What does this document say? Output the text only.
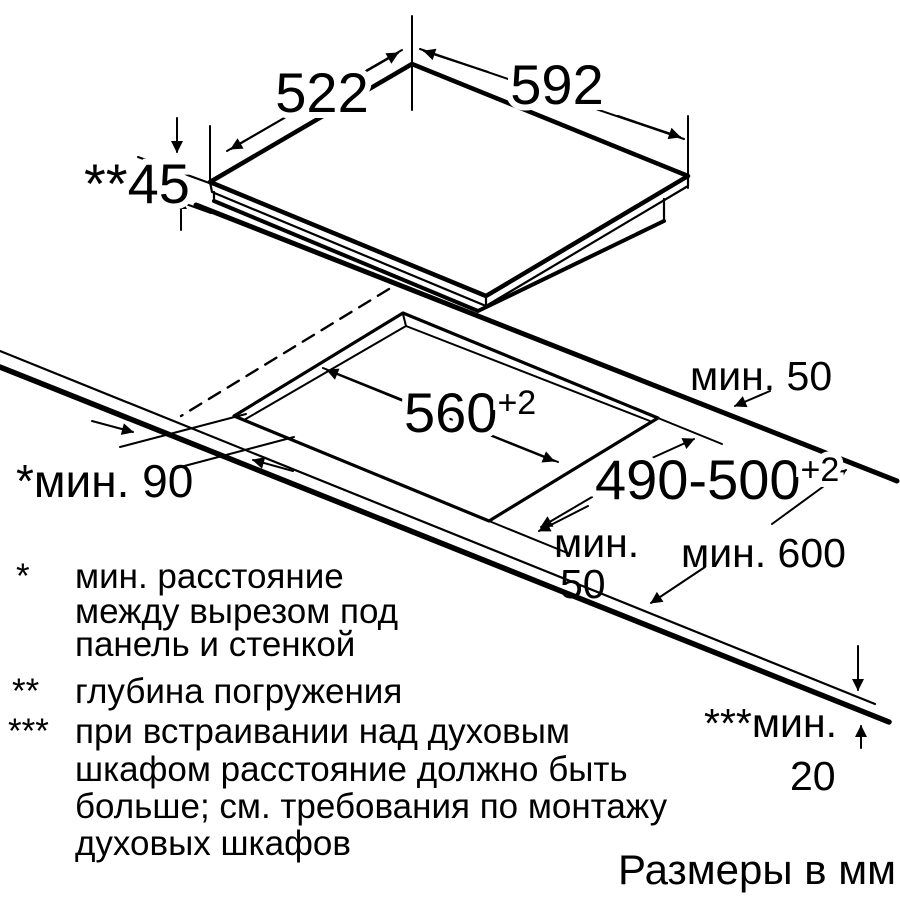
522	592
**45
$560^{+2}$
$490-500^{+2}$
*мин. 90
мин. 50
мин.
50
мин. 600
***мин.
20
* мин. расстояние
между вырезом под
панель и стенкой
** глубина погружения
*** при встраивании над духовым
шкафом расстояние должно быть
больше; см. требования по монтажу
духовых шкафов
Размеры в мм
